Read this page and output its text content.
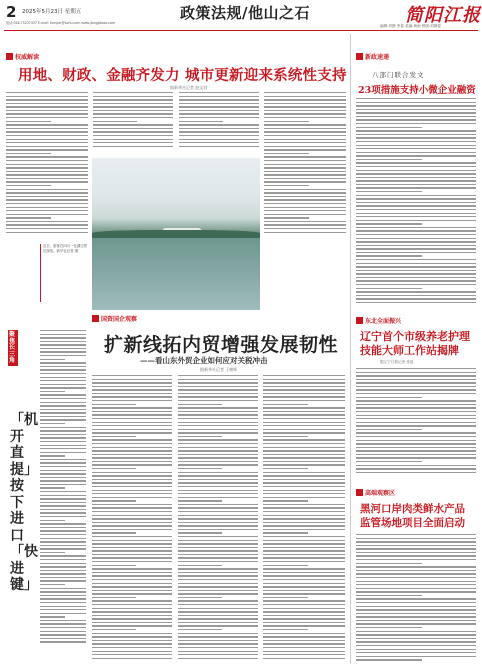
2 2025年5月23日 星期五	政策法规/他山之石	简阳江报
电话:028-75237437 E-mail: tumper@sohu.com www.jiangjiabao.com
编辑:刘静 李春 美编:黄雨 排版:刘静春
权威解读
用地、财政、金融齐发力 城市更新迎来系统性支持
据新华社记者 赵文君
近日，游客在四川一处湖边景区游览。新华社记者 摄
聚焦长三角
「机开直提」按下进口「快进键」
国资国企观察
扩新线拓内贸增强发展韧性
——看山东外贸企业如何应对关税冲击
据新华社记者 王朝晖
新政速递
八部门联合发文
23项措施支持小微企业融资
东北全面振兴
辽宁首个市级养老护理技能大师工作站揭牌
据辽宁日报记者 张晶
高端观察区
黑河口岸肉类鲜水产品监管场地项目全面启动
